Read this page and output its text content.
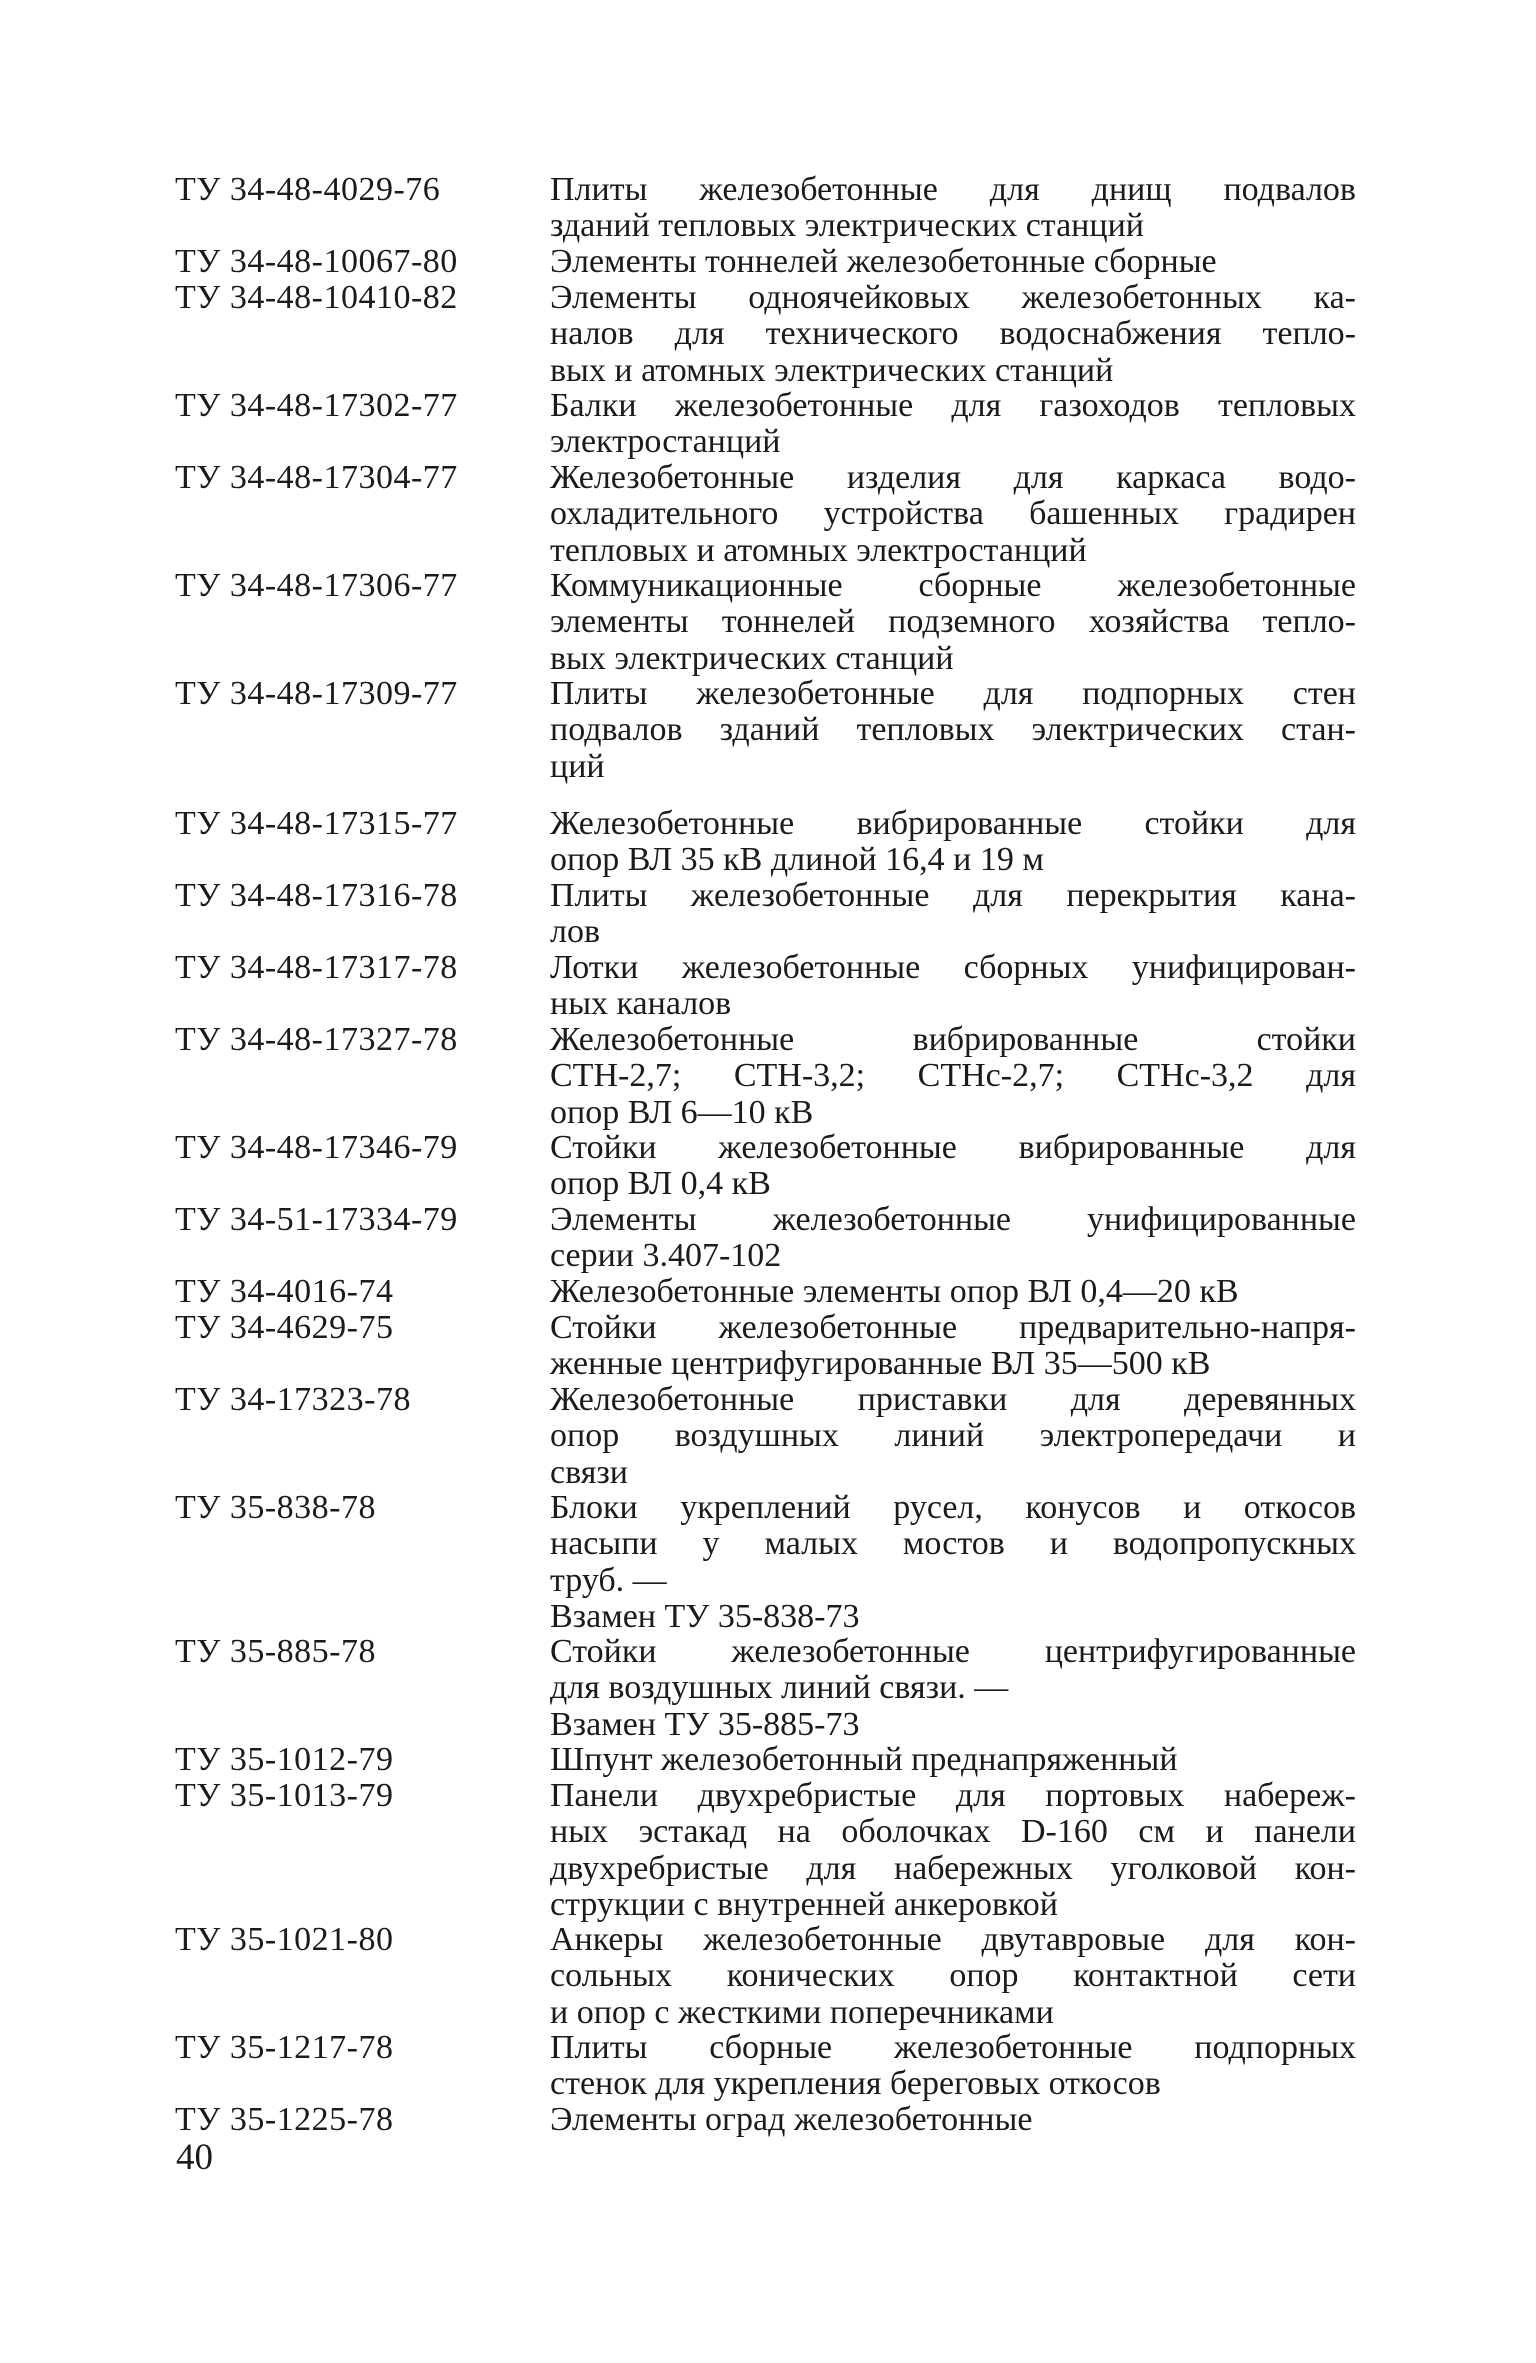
ТУ 34-48-4029-76	Плиты железобетонные для днищ подвалов
зданий тепловых электрических станций
ТУ 34-48-10067-80	Элементы тоннелей железобетонные сборные
ТУ 34-48-10410-82	Элементы одноячейковых железобетонных ка-
налов для технического водоснабжения тепло-
вых и атомных электрических станций
ТУ 34-48-17302-77	Балки железобетонные для газоходов тепловых
электростанций
ТУ 34-48-17304-77	Железобетонные изделия для каркаса водо-
охладительного устройства башенных градирен
тепловых и атомных электростанций
ТУ 34-48-17306-77	Коммуникационные сборные железобетонные
элементы тоннелей подземного хозяйства тепло-
вых электрических станций
ТУ 34-48-17309-77	Плиты железобетонные для подпорных стен
подвалов зданий тепловых электрических стан-
ций
ТУ 34-48-17315-77	Железобетонные вибрированные стойки для
опор ВЛ 35 кВ длиной 16,4 и 19 м
ТУ 34-48-17316-78	Плиты железобетонные для перекрытия кана-
лов
ТУ 34-48-17317-78	Лотки железобетонные сборных унифицирован-
ных каналов
ТУ 34-48-17327-78	Железобетонные вибрированные стойки
СТН-2,7; СТН-3,2; СТНс-2,7; СТНс-3,2 для
опор ВЛ 6—10 кВ
ТУ 34-48-17346-79	Стойки железобетонные вибрированные для
опор ВЛ 0,4 кВ
ТУ 34-51-17334-79	Элементы железобетонные унифицированные
серии 3.407-102
ТУ 34-4016-74	Железобетонные элементы опор ВЛ 0,4—20 кВ
ТУ 34-4629-75	Стойки железобетонные предварительно-напря-
женные центрифугированные ВЛ 35—500 кВ
ТУ 34-17323-78	Железобетонные приставки для деревянных
опор воздушных линий электропередачи и
связи
ТУ 35-838-78	Блоки укреплений русел, конусов и откосов
насыпи у малых мостов и водопропускных
труб. —
Взамен ТУ 35-838-73
ТУ 35-885-78	Стойки железобетонные центрифугированные
для воздушных линий связи. —
Взамен ТУ 35-885-73
ТУ 35-1012-79	Шпунт железобетонный преднапряженный
ТУ 35-1013-79	Панели двухребристые для портовых набереж-
ных эстакад на оболочках D-160 см и панели
двухребристые для набережных уголковой кон-
струкции с внутренней анкеровкой
ТУ 35-1021-80	Анкеры железобетонные двутавровые для кон-
сольных конических опор контактной сети
и опор с жесткими поперечниками
ТУ 35-1217-78	Плиты сборные железобетонные подпорных
стенок для укрепления береговых откосов
ТУ 35-1225-78	Элементы оград железобетонные
40
